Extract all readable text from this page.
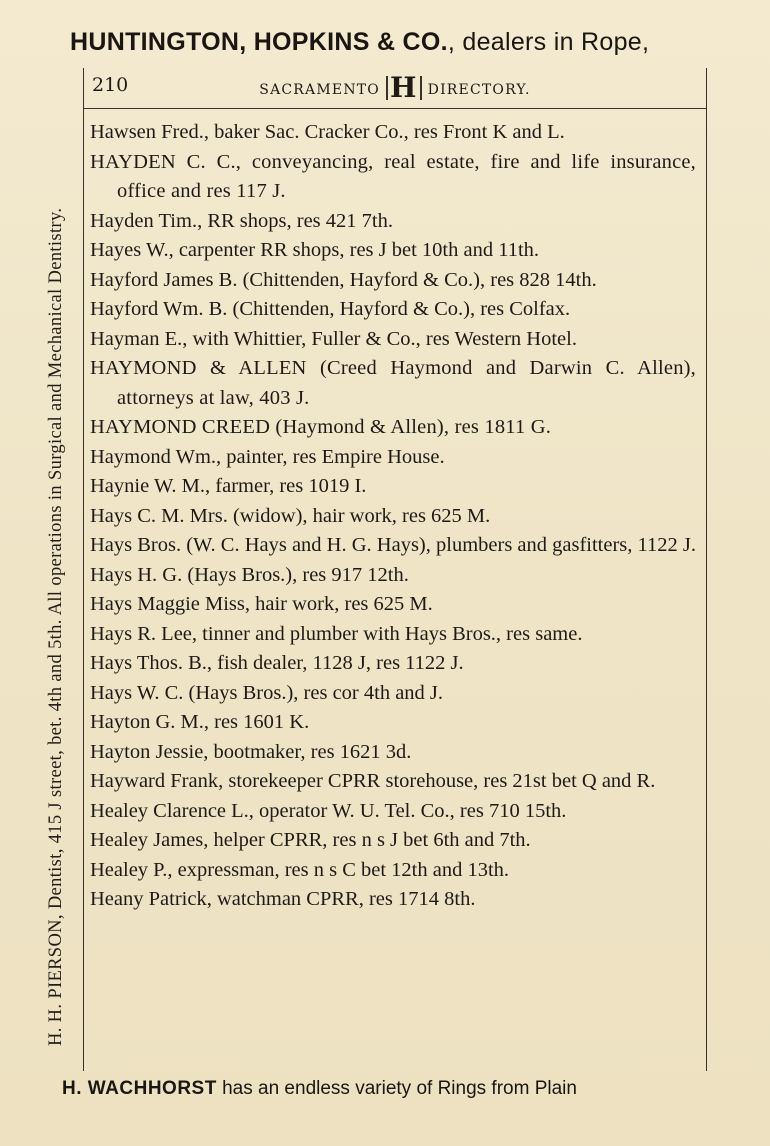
HUNTINGTON, HOPKINS & CO., dealers in Rope,
H. H. PIERSON, Dentist, 415 J street, bet. 4th and 5th. All operations in Surgical and Mechanical Dentistry.
210	SACRAMENTO H DIRECTORY.
Hawsen Fred., baker Sac. Cracker Co., res Front K and L.
HAYDEN C. C., conveyancing, real estate, fire and life insurance, office and res 117 J.
Hayden Tim., RR shops, res 421 7th.
Hayes W., carpenter RR shops, res J bet 10th and 11th.
Hayford James B. (Chittenden, Hayford & Co.), res 828 14th.
Hayford Wm. B. (Chittenden, Hayford & Co.), res Colfax.
Hayman E., with Whittier, Fuller & Co., res Western Hotel.
HAYMOND & ALLEN (Creed Haymond and Darwin C. Allen), attorneys at law, 403 J.
HAYMOND CREED (Haymond & Allen), res 1811 G.
Haymond Wm., painter, res Empire House.
Haynie W. M., farmer, res 1019 I.
Hays C. M. Mrs. (widow), hair work, res 625 M.
Hays Bros. (W. C. Hays and H. G. Hays), plumbers and gasfitters, 1122 J.
Hays H. G. (Hays Bros.), res 917 12th.
Hays Maggie Miss, hair work, res 625 M.
Hays R. Lee, tinner and plumber with Hays Bros., res same.
Hays Thos. B., fish dealer, 1128 J, res 1122 J.
Hays W. C. (Hays Bros.), res cor 4th and J.
Hayton G. M., res 1601 K.
Hayton Jessie, bootmaker, res 1621 3d.
Hayward Frank, storekeeper CPRR storehouse, res 21st bet Q and R.
Healey Clarence L., operator W. U. Tel. Co., res 710 15th.
Healey James, helper CPRR, res n s J bet 6th and 7th.
Healey P., expressman, res n s C bet 12th and 13th.
Heany Patrick, watchman CPRR, res 1714 8th.
H. WACHHORST has an endless variety of Rings from Plain
